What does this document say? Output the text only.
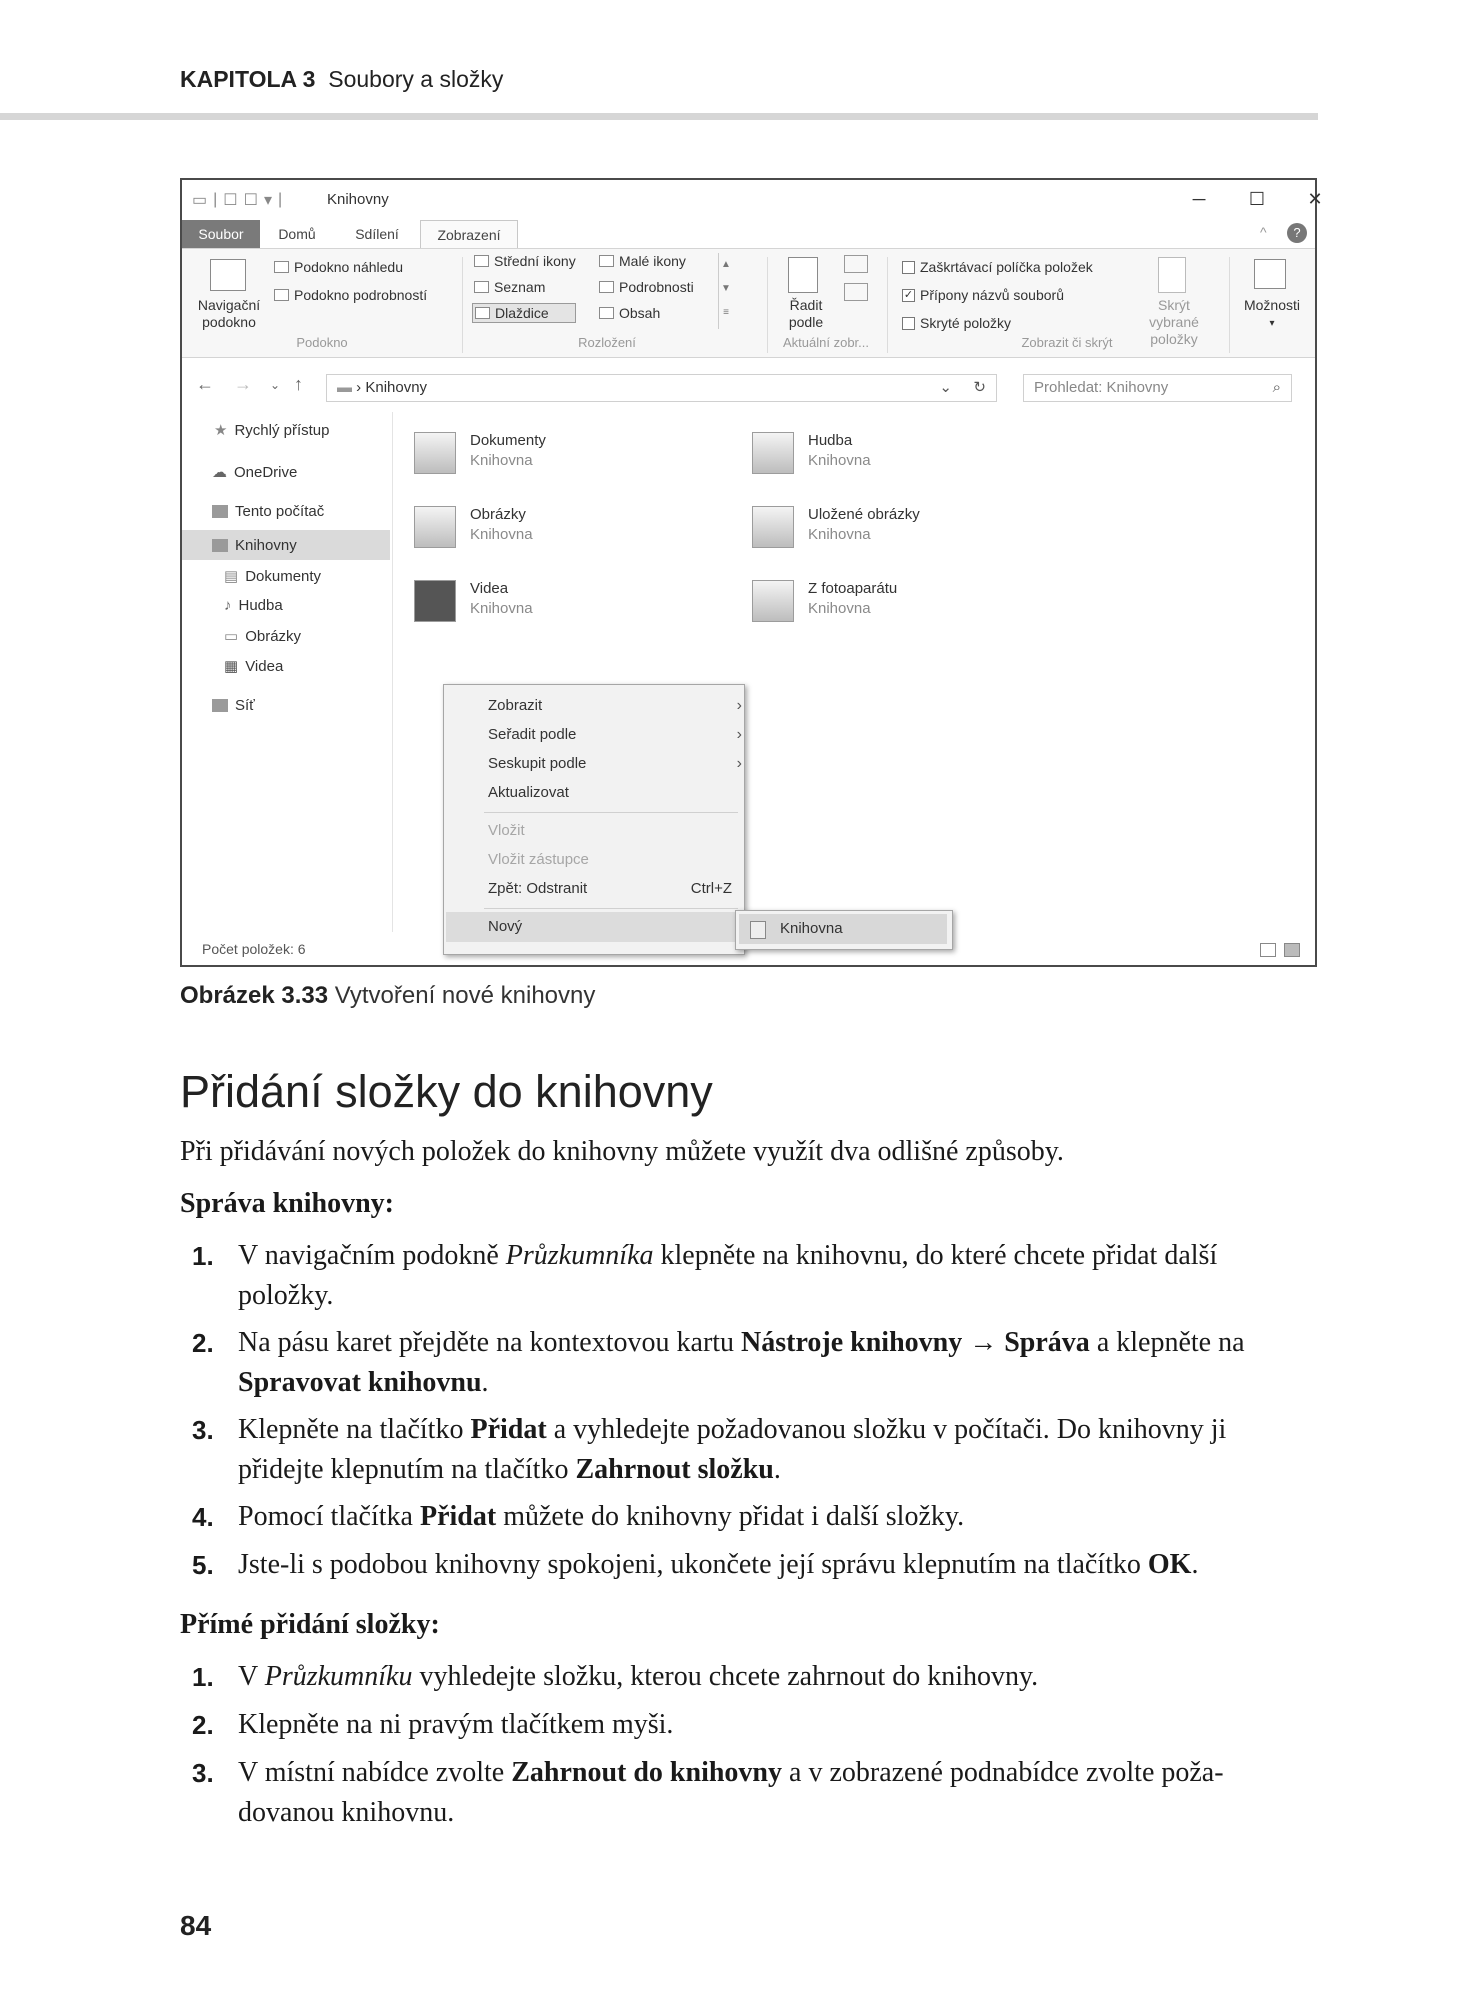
KAPITOLA 3 Soubory a složky
▭ | ☐ ☐ ▾ |	Knihovny	─	☐	✕
Soubor	Domů	Sdílení	Zobrazení	^	?
Navigační podokno
Podokno náhledu
Podokno podrobností
Podokno
Střední ikony	Malé ikony
Seznam	Podrobnosti
Dlaždice	Obsah
▲
▼
≡
Rozložení
Řadit podle
Aktuální zobr...
Zaškrtávací políčka položek
✓ Přípony názvů souborů
Skryté položky
Skrýt vybrané položky
Zobrazit či skrýt
Možnosti
▾
← → ⌄ ↑	▬ › Knihovny	⌄ ↻	Prohledat: Knihovny	⌕
★ Rychlý přístup
☁ OneDrive
Tento počítač
Knihovny
▤ Dokumenty
♪ Hudba
▭ Obrázky
▦ Videa
Síť
Dokumenty
Knihovna
Hudba
Knihovna
Obrázky
Knihovna
Uložené obrázky
Knihovna
Videa
Knihovna
Z fotoaparátu
Knihovna
Zobrazit	›
Seřadit podle	›
Seskupit podle	›
Aktualizovat
Vložit
Vložit zástupce
Zpět: Odstranit	Ctrl+Z
Nový	Knihovna
Počet položek: 6
Obrázek 3.33 Vytvoření nové knihovny
Přidání složky do knihovny
Při přidávání nových položek do knihovny můžete využít dva odlišné způsoby.
Správa knihovny:
1. V navigačním podokně Průzkumníka klepněte na knihovnu, do které chcete přidat další
položky.
2. Na pásu karet přejděte na kontextovou kartu Nástroje knihovny → Správa a klepněte na
Spravovat knihovnu.
3. Klepněte na tlačítko Přidat a vyhledejte požadovanou složku v počítači. Do knihovny ji
přidejte klepnutím na tlačítko Zahrnout složku.
4. Pomocí tlačítka Přidat můžete do knihovny přidat i další složky.
5. Jste-li s podobou knihovny spokojeni, ukončete její správu klepnutím na tlačítko OK.
Přímé přidání složky:
1. V Průzkumníku vyhledejte složku, kterou chcete zahrnout do knihovny.
2. Klepněte na ni pravým tlačítkem myši.
3. V místní nabídce zvolte Zahrnout do knihovny a v zobrazené podnabídce zvolte poža-
dovanou knihovnu.
84
